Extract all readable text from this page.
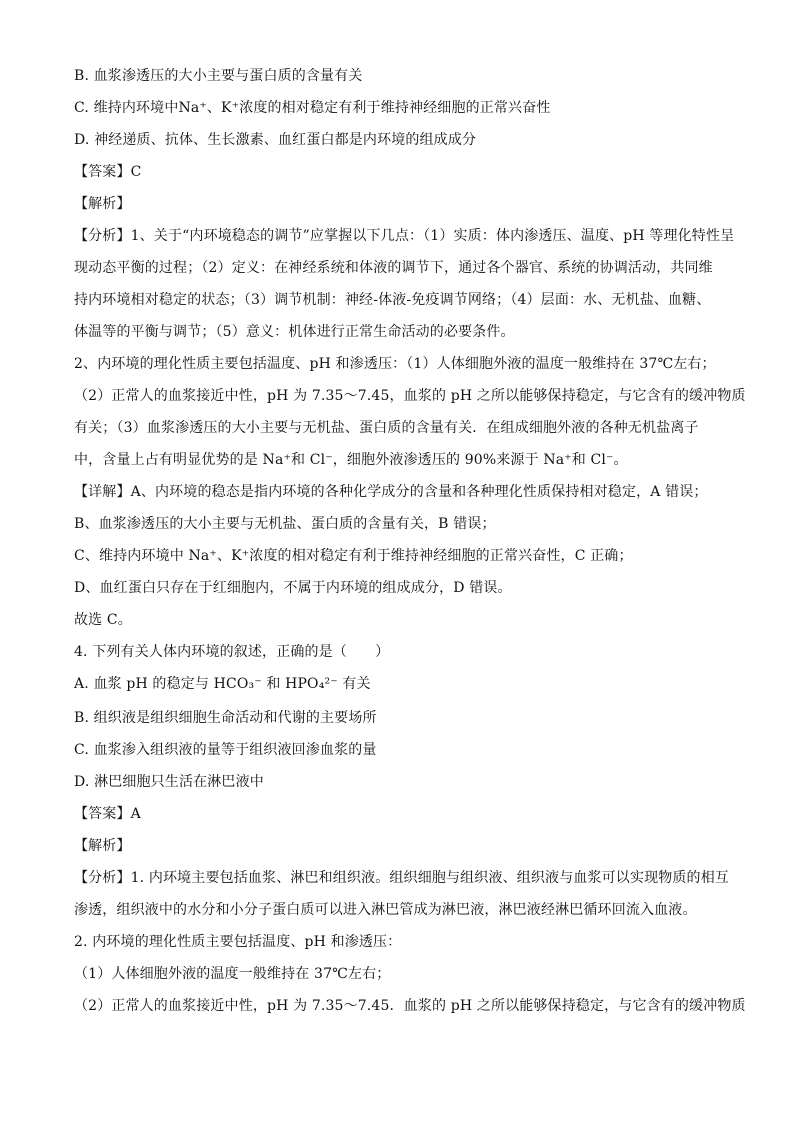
B. 血浆渗透压的大小主要与蛋白质的含量有关
C. 维持内环境中Na⁺、K⁺浓度的相对稳定有利于维持神经细胞的正常兴奋性
D. 神经递质、抗体、生长激素、血红蛋白都是内环境的组成成分
【答案】C
【解析】
【分析】1、关于“内环境稳态的调节”应掌握以下几点：（1）实质：体内渗透压、温度、pH 等理化特性呈
现动态平衡的过程；（2）定义：在神经系统和体液的调节下，通过各个器官、系统的协调活动，共同维
持内环境相对稳定的状态；（3）调节机制：神经-体液-免疫调节网络；（4）层面：水、无机盐、血糖、
体温等的平衡与调节；（5）意义：机体进行正常生命活动的必要条件。
2、内环境的理化性质主要包括温度、pH 和渗透压：（1）人体细胞外液的温度一般维持在 37℃左右；
（2）正常人的血浆接近中性，pH 为 7.35～7.45，血浆的 pH 之所以能够保持稳定，与它含有的缓冲物质
有关；（3）血浆渗透压的大小主要与无机盐、蛋白质的含量有关．在组成细胞外液的各种无机盐离子
中，含量上占有明显优势的是 Na⁺和 Cl⁻，细胞外液渗透压的 90%来源于 Na⁺和 Cl⁻。
【详解】A、内环境的稳态是指内环境的各种化学成分的含量和各种理化性质保持相对稳定，A 错误；
B、血浆渗透压的大小主要与无机盐、蛋白质的含量有关，B 错误；
C、维持内环境中 Na⁺、K⁺浓度的相对稳定有利于维持神经细胞的正常兴奋性，C 正确；
D、血红蛋白只存在于红细胞内，不属于内环境的组成成分，D 错误。
故选 C。
4. 下列有关人体内环境的叙述，正确的是（　　）
A. 血浆 pH 的稳定与 HCO₃⁻ 和 HPO₄²⁻ 有关
B. 组织液是组织细胞生命活动和代谢的主要场所
C. 血浆渗入组织液的量等于组织液回渗血浆的量
D. 淋巴细胞只生活在淋巴液中
【答案】A
【解析】
【分析】1. 内环境主要包括血浆、淋巴和组织液。组织细胞与组织液、组织液与血浆可以实现物质的相互
渗透，组织液中的水分和小分子蛋白质可以进入淋巴管成为淋巴液，淋巴液经淋巴循环回流入血液。
2. 内环境的理化性质主要包括温度、pH 和渗透压：
（1）人体细胞外液的温度一般维持在 37℃左右；
（2）正常人的血浆接近中性，pH 为 7.35～7.45．血浆的 pH 之所以能够保持稳定，与它含有的缓冲物质
